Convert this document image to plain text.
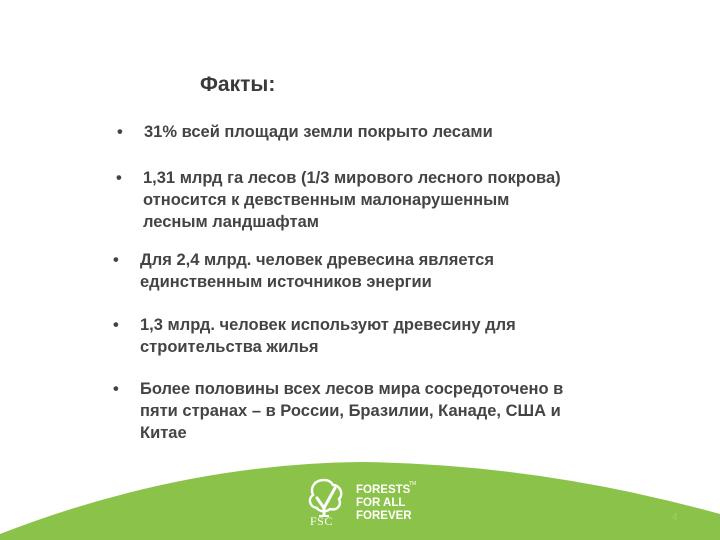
Факты:
• 31% всей площади земли покрыто лесами
• 1,31 млрд га лесов (1/3 мирового лесного покрова)
относится к девственным малонарушенным
лесным ландшафтам
• Для 2,4 млрд. человек древесина является
единственным источников энергии
• 1,3 млрд. человек используют древесину для
строительства жилья
• Более половины всех лесов мира сосредоточено в
пяти странах – в России, Бразилии, Канаде, США и
Китае
FSC
FORESTS
FOR ALL
FOREVER
TM
4
